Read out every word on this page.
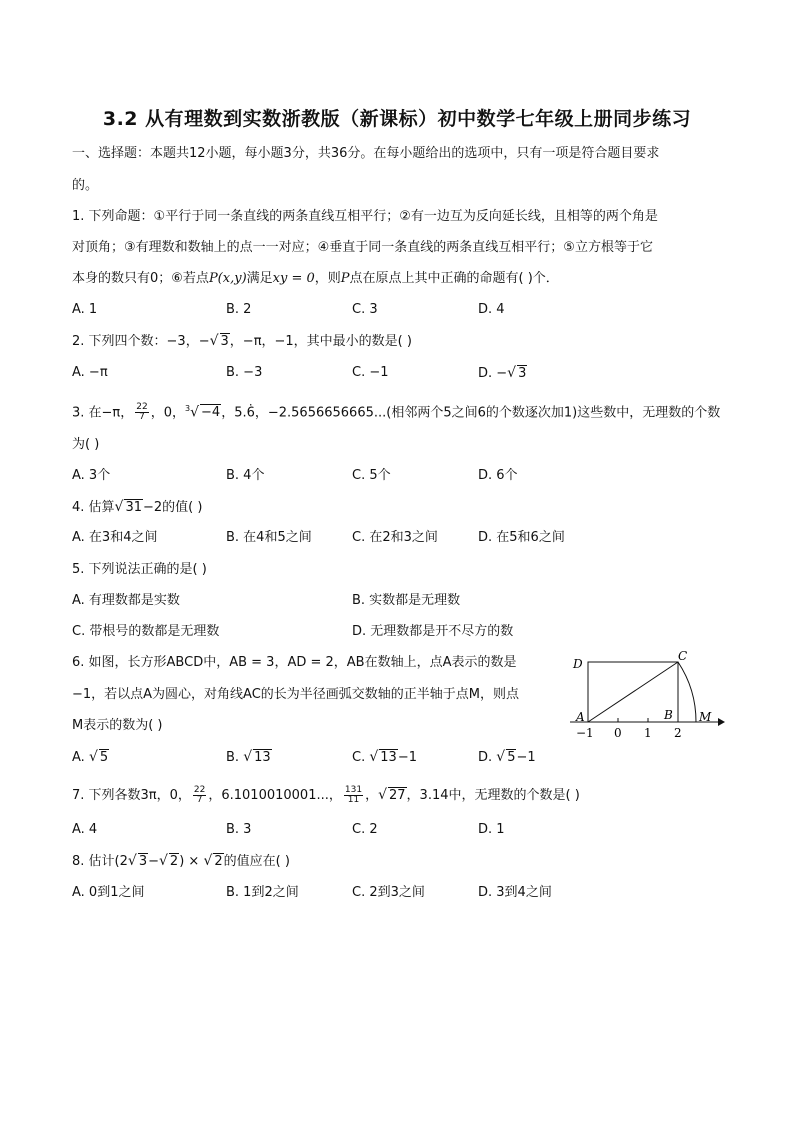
3.2 从有理数到实数浙教版（新课标）初中数学七年级上册同步练习
一、选择题：本题共12小题，每小题3分，共36分。在每小题给出的选项中，只有一项是符合题目要求
的。
1. 下列命题：①平行于同一条直线的两条直线互相平行；②有一边互为反向延长线，且相等的两个角是
对顶角；③有理数和数轴上的点一一对应；④垂直于同一条直线的两条直线互相平行；⑤立方根等于它
本身的数只有0；⑥若点P(x,y)满足xy = 0，则P点在原点上其中正确的命题有( )个．
A. 1	B. 2	C. 3	D. 4
2. 下列四个数：−3，−√ 3，−π，−1，其中最小的数是( )
A. −π	B. −3	C. −1	D. −√ 3
3. 在−π， $\frac{22}{7}$ ，0，$^3$√ −4，5.6̇，−2.5656656665...(相邻两个5之间6的个数逐次加1)这些数中，无理数的个数
为( )
A. 3个	B. 4个	C. 5个	D. 6个
4. 估算√ 31−2的值( )
A. 在3和4之间	B. 在4和5之间	C. 在2和3之间	D. 在5和6之间
5. 下列说法正确的是( )
A. 有理数都是实数	B. 实数都是无理数
C. 带根号的数都是无理数	D. 无理数都是开不尽方的数
6. 如图，长方形ABCD中，AB = 3，AD = 2，AB在数轴上，点A表示的数是
−1，若以点A为圆心，对角线AC的长为半径画弧交数轴的正半轴于点M，则点
M表示的数为( )
A. √ 5	B. √ 13	C. √ 13−1	D. √ 5−1
D
C
A	B M
−1 0 1 2
7. 下列各数3π，0， $\frac{22}{7}$ ，6.1010010001...， $\frac{131}{11}$ ，√ 27，3.14中，无理数的个数是( )
A. 4	B. 3	C. 2	D. 1
8. 估计(2√ 3−√ 2) × √ 2的值应在( )
A. 0到1之间	B. 1到2之间	C. 2到3之间	D. 3到4之间
